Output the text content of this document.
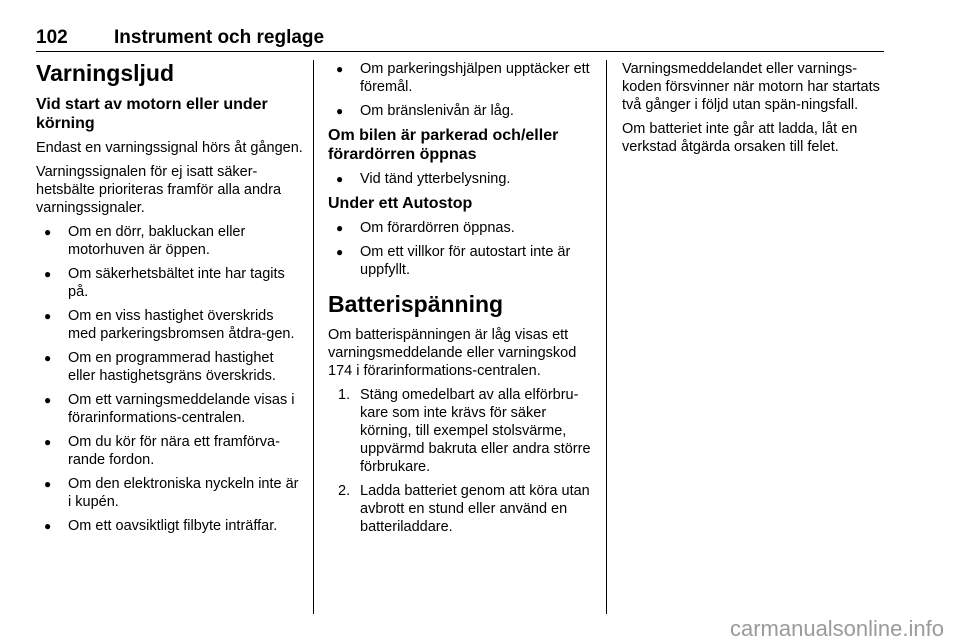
102 Instrument och reglage
Varningsljud
Vid start av motorn eller under körning

Endast en varningssignal hörs åt gången.

Varningssignalen för ej isatt säker-hetsbälte prioriteras framför alla andra varningssignaler.

● Om en dörr, bakluckan eller motorhuven är öppen.
● Om säkerhetsbältet inte har tagits på.
● Om en viss hastighet överskrids med parkeringsbromsen åtdra-gen.
● Om en programmerad hastighet eller hastighetsgräns överskrids.
● Om ett varningsmeddelande visas i förarinformations-centralen.
● Om du kör för nära ett framförva-rande fordon.
● Om den elektroniska nyckeln inte är i kupén.
● Om ett oavsiktligt filbyte inträffar.
● Om parkeringshjälpen upptäcker ett föremål.
● Om bränslenivån är låg.
Om bilen är parkerad och/eller förardörren öppnas
● Vid tänd ytterbelysning.
Under ett Autostop
● Om förardörren öppnas.
● Om ett villkor för autostart inte är uppfyllt.
Batterispänning

Om batterispänningen är låg visas ett varningsmeddelande eller varningskod 174 i förarinformations-centralen.

1. Stäng omedelbart av alla elförbru-kare som inte krävs för säker körning, till exempel stolsvärme, uppvärmd bakruta eller andra större förbrukare.
2. Ladda batteriet genom att köra utan avbrott en stund eller använd en batteriladdare.

Varningsmeddelandet eller varnings-koden försvinner när motorn har startats två gånger i följd utan spän-ningsfall.

Om batteriet inte går att ladda, låt en verkstad åtgärda orsaken till felet.

carmanualsonline.info
